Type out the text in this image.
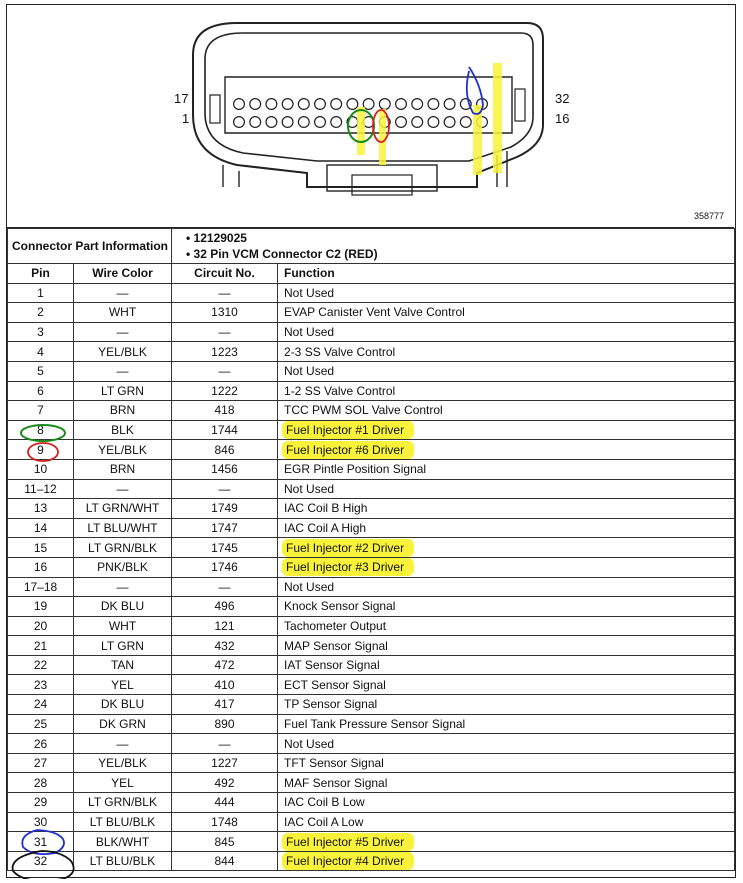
17
1
32
16
358777
Connector Part Information		• 12129025
• 32 Pin VCM Connector C2 (RED)	

Pin	Wire Color	Circuit No.	Function
1	—	—	Not Used
2	WHT	1310	EVAP Canister Vent Valve Control
3	—	—	Not Used
4	YEL/BLK	1223	2-3 SS Valve Control
5	—	—	Not Used
6	LT GRN	1222	1-2 SS Valve Control
7	BRN	418	TCC PWM SOL Valve Control
8	BLK	1744	Fuel Injector #1 Driver
9	YEL/BLK	846	Fuel Injector #6 Driver
10	BRN	1456	EGR Pintle Position Signal
11–12	—	—	Not Used
13	LT GRN/WHT	1749	IAC Coil B High
14	LT BLU/WHT	1747	IAC Coil A High
15	LT GRN/BLK	1745	Fuel Injector #2 Driver
16	PNK/BLK	1746	Fuel Injector #3 Driver
17–18	—	—	Not Used
19	DK BLU	496	Knock Sensor Signal
20	WHT	121	Tachometer Output
21	LT GRN	432	MAP Sensor Signal
22	TAN	472	IAT Sensor Signal
23	YEL	410	ECT Sensor Signal
24	DK BLU	417	TP Sensor Signal
25	DK GRN	890	Fuel Tank Pressure Sensor Signal
26	—	—	Not Used
27	YEL/BLK	1227	TFT Sensor Signal
28	YEL	492	MAF Sensor Signal
29	LT GRN/BLK	444	IAC Coil B Low
30	LT BLU/BLK	1748	IAC Coil A Low
31	BLK/WHT	845	Fuel Injector #5 Driver
32	LT BLU/BLK	844	Fuel Injector #4 Driver
